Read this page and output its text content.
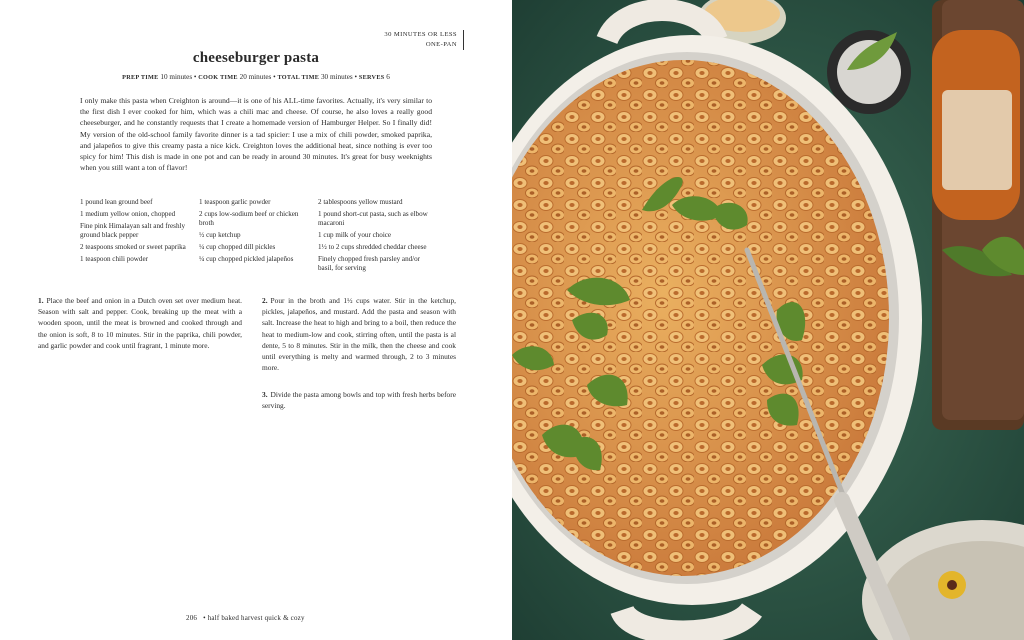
30 MINUTES OR LESS
ONE-PAN
cheeseburger pasta
PREP TIME 10 minutes • COOK TIME 20 minutes • TOTAL TIME 30 minutes • SERVES 6
I only make this pasta when Creighton is around—it is one of his ALL-time favorites. Actually, it's very similar to the first dish I ever cooked for him, which was a chili mac and cheese. Of course, he also loves a really good cheeseburger, and he constantly requests that I create a homemade version of Hamburger Helper. So I finally did! My version of the old-school family favorite dinner is a tad spicier: I use a mix of chili powder, smoked paprika, and jalapeños to give this creamy pasta a nice kick. Creighton loves the additional heat, since nothing is ever too spicy for him! This dish is made in one pot and can be ready in around 30 minutes. It's great for busy weeknights when you still want a ton of flavor!
1 pound lean ground beef
1 medium yellow onion, chopped
Fine pink Himalayan salt and freshly ground black pepper
2 teaspoons smoked or sweet paprika
1 teaspoon chili powder
1 teaspoon garlic powder
2 cups low-sodium beef or chicken broth
½ cup ketchup
¼ cup chopped dill pickles
¼ cup chopped pickled jalapeños
2 tablespoons yellow mustard
1 pound short-cut pasta, such as elbow macaroni
1 cup milk of your choice
1½ to 2 cups shredded cheddar cheese
Finely chopped fresh parsley and/or basil, for serving
1. Place the beef and onion in a Dutch oven set over medium heat. Season with salt and pepper. Cook, breaking up the meat with a wooden spoon, until the meat is browned and cooked through and the onion is soft, 8 to 10 minutes. Stir in the paprika, chili powder, and garlic powder and cook until fragrant, 1 minute more.
2. Pour in the broth and 1½ cups water. Stir in the ketchup, pickles, jalapeños, and mustard. Add the pasta and season with salt. Increase the heat to high and bring to a boil, then reduce the heat to medium-low and cook, stirring often, until the pasta is al dente, 5 to 8 minutes. Stir in the milk, then the cheese and cook until everything is melty and warmed through, 2 to 3 minutes more.
3. Divide the pasta among bowls and top with fresh herbs before serving.
206 • half baked harvest quick & cozy
